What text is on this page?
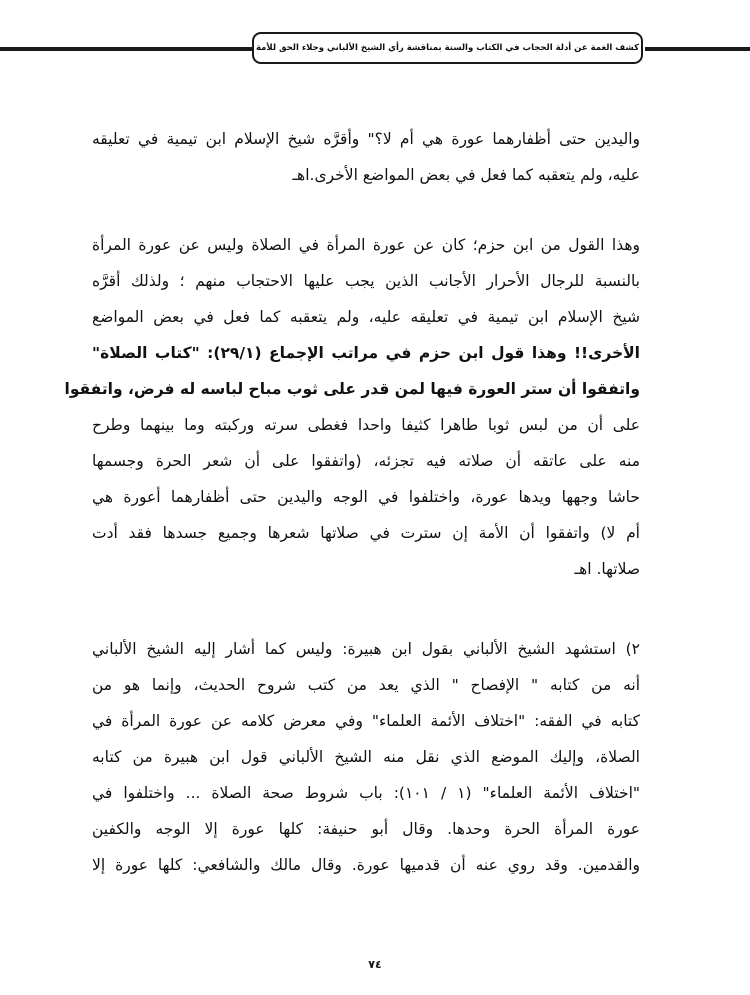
كشف الغمة عن أدلة الحجاب في الكتاب والسنة بمناقشة رأي الشيخ الألباني وجلاء الحق للأمة
واليدين حتى أظفارهما عورة هي أم لا؟" وأقرَّه شيخ الإسلام ابن تيمية في تعليقه
عليه، ولم يتعقبه كما فعل في بعض المواضع الأخرى.اهـ
وهذا القول من ابن حزم؛ كان عن عورة المرأة في الصلاة وليس عن عورة المرأة
بالنسبة للرجال الأحرار الأجانب الذين يجب عليها الاحتجاب منهم ؛ ولذلك أقرَّه
شيخ الإسلام ابن تيمية في تعليقه عليه، ولم يتعقبه كما فعل في بعض المواضع
الأخرى!! وهذا قول ابن حزم في مراتب الإجماع (٢٩/١): "كتاب الصلاة"
واتفقوا أن ستر العورة فيها لمن قدر على ثوب مباح لباسه له فرض، واتفقوا
على أن من لبس ثوبا طاهرا كثيفا واحدا فغطى سرته وركبته وما بينهما وطرح
منه على عاتقه أن صلاته فيه تجزئه، (واتفقوا على أن شعر الحرة وجسمها
حاشا وجهها ويدها عورة، واختلفوا في الوجه واليدين حتى أظفارهما أعورة هي
أم لا) واتفقوا أن الأمة إن سترت في صلاتها شعرها وجميع جسدها فقد أدت
صلاتها. اهـ
٢) استشهد الشيخ الألباني بقول ابن هبيرة: وليس كما أشار إليه الشيخ الألباني
أنه من كتابه " الإفصاح " الذي يعد من كتب شروح الحديث، وإنما هو من
كتابه في الفقه: "اختلاف الأئمة العلماء" وفي معرض كلامه عن عورة المرأة في
الصلاة، وإليك الموضع الذي نقل منه الشيخ الألباني قول ابن هبيرة من كتابه
"اختلاف الأئمة العلماء" (١ / ١٠١): باب شروط صحة الصلاة ... واختلفوا في
عورة المرأة الحرة وحدها. وقال أبو حنيفة: كلها عورة إلا الوجه والكفين
والقدمين. وقد روي عنه أن قدميها عورة. وقال مالك والشافعي: كلها عورة إلا
٧٤
